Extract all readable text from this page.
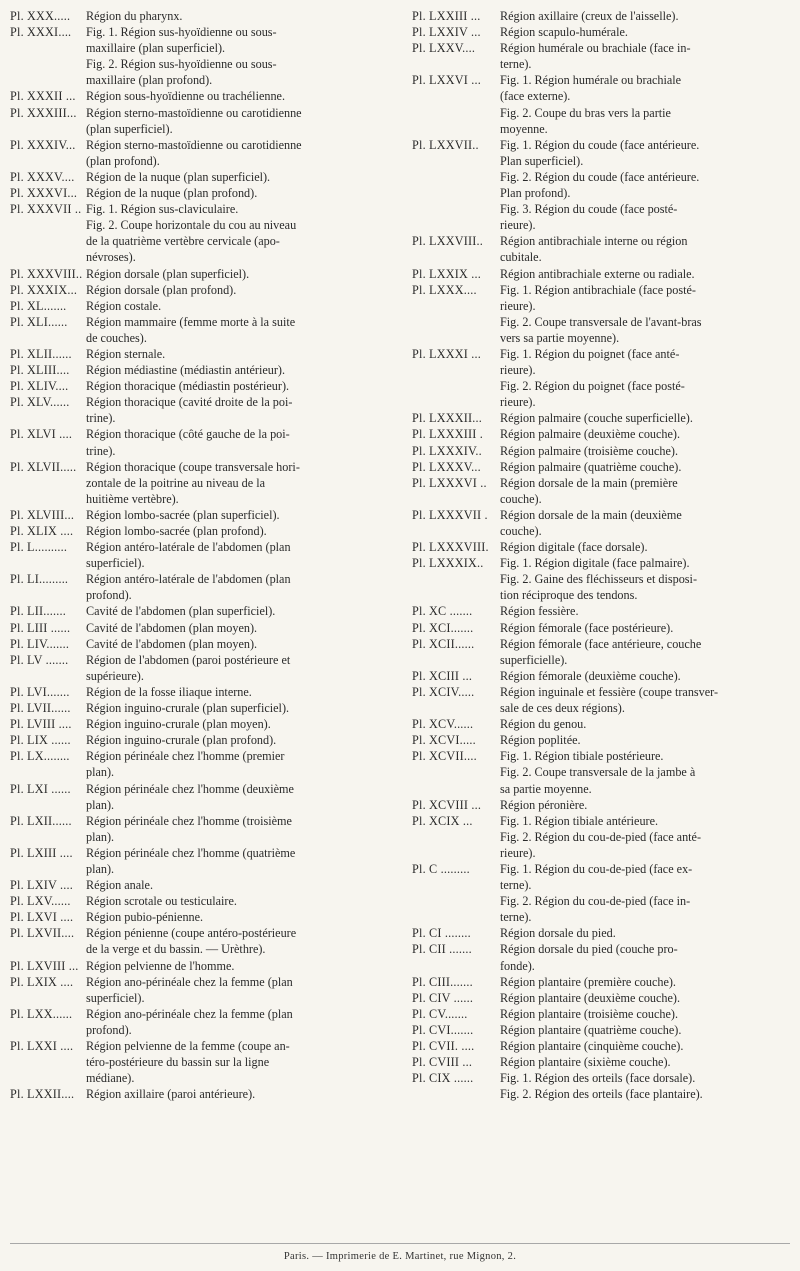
Pl. XXX.....	Région du pharynx.
Pl. XXXI....	Fig. 1. Région sus-hyoïdienne ou sous-
maxillaire (plan superficiel).
Fig. 2. Région sus-hyoïdienne ou sous-
maxillaire (plan profond).
Pl. XXXII ... Région sous-hyoïdienne ou trachélienne.
Pl. XXXIII... Région sterno-mastoïdienne ou carotidienne
(plan superficiel).
Pl. XXXIV... Région sterno-mastoïdienne ou carotidienne
(plan profond).
Pl. XXXV.... Région de la nuque (plan superficiel).
Pl. XXXVI... Région de la nuque (plan profond).
Pl. XXXVII .. Fig. 1. Région sus-claviculaire.
Fig. 2. Coupe horizontale du cou au niveau
de la quatrième vertèbre cervicale (apo-
névroses).
Pl. XXXVIII.. Région dorsale (plan superficiel).
Pl. XXXIX... Région dorsale (plan profond).
Pl. XL.......	Région costale.
Pl. XLI......	Région mammaire (femme morte à la suite
de couches).
Pl. XLII......	Région sternale.
Pl. XLIII....	Région médiastine (médiastin antérieur).
Pl. XLIV....	Région thoracique (médiastin postérieur).
Pl. XLV......	Région thoracique (cavité droite de la poi-
trine).
Pl. XLVI ....	Région thoracique (côté gauche de la poi-
trine).
Pl. XLVII..... Région thoracique (coupe transversale hori-
zontale de la poitrine au niveau de la
huitième vertèbre).
Pl. XLVIII... Région lombo-sacrée (plan superficiel).
Pl. XLIX ....	Région lombo-sacrée (plan profond).
Pl. L..........	Région antéro-latérale de l'abdomen (plan
superficiel).
Pl. LI.........	Région antéro-latérale de l'abdomen (plan
profond).
Pl. LII.......	Cavité de l'abdomen (plan superficiel).
Pl. LIII ......	Cavité de l'abdomen (plan moyen).
Pl. LIV.......	Cavité de l'abdomen (plan moyen).
Pl. LV .......	Région de l'abdomen (paroi postérieure et
supérieure).
Pl. LVI.......	Région de la fosse iliaque interne.
Pl. LVII......	Région inguino-crurale (plan superficiel).
Pl. LVIII ....	Région inguino-crurale (plan moyen).
Pl. LIX ......	Région inguino-crurale (plan profond).
Pl. LX........	Région périnéale chez l'homme (premier
plan).
Pl. LXI ......	Région périnéale chez l'homme (deuxième
plan).
Pl. LXII......	Région périnéale chez l'homme (troisième
plan).
Pl. LXIII ....	Région périnéale chez l'homme (quatrième
plan).
Pl. LXIV ....	Région anale.
Pl. LXV......	Région scrotale ou testiculaire.
Pl. LXVI ....	Région pubio-pénienne.
Pl. LXVII.... Région pénienne (coupe antéro-postérieure
de la verge et du bassin. — Urèthre).
Pl. LXVIII ... Région pelvienne de l'homme.
Pl. LXIX ....	Région ano-périnéale chez la femme (plan
superficiel).
Pl. LXX......	Région ano-périnéale chez la femme (plan
profond).
Pl. LXXI ....	Région pelvienne de la femme (coupe an-
téro-postérieure du bassin sur la ligne
médiane).
Pl. LXXII.... Région axillaire (paroi antérieure).
Pl. LXXIII ...	Région axillaire (creux de l'aisselle).
Pl. LXXIV ...	Région scapulo-humérale.
Pl. LXXV....	Région humérale ou brachiale (face in-
terne).
Pl. LXXVI ...	Fig. 1. Région humérale ou brachiale
(face externe).
Fig. 2. Coupe du bras vers la partie
moyenne.
Pl. LXXVII..	Fig. 1. Région du coude (face antérieure.
Plan superficiel).
Fig. 2. Région du coude (face antérieure.
Plan profond).
Fig. 3. Région du coude (face posté-
rieure).
Pl. LXXVIII..	Région antibrachiale interne ou région
cubitale.
Pl. LXXIX ...	Région antibrachiale externe ou radiale.
Pl. LXXX....	Fig. 1. Région antibrachiale (face posté-
rieure).
Fig. 2. Coupe transversale de l'avant-bras
vers sa partie moyenne).
Pl. LXXXI ...	Fig. 1. Région du poignet (face anté-
rieure).
Fig. 2. Région du poignet (face posté-
rieure).
Pl. LXXXII...	Région palmaire (couche superficielle).
Pl. LXXXIII .	Région palmaire (deuxième couche).
Pl. LXXXIV..	Région palmaire (troisième couche).
Pl. LXXXV...	Région palmaire (quatrième couche).
Pl. LXXXVI ..	Région dorsale de la main (première
couche).
Pl. LXXXVII .	Région dorsale de la main (deuxième
couche).
Pl. LXXXVIII. Région digitale (face dorsale).
Pl. LXXXIX..	Fig. 1. Région digitale (face palmaire).
Fig. 2. Gaine des fléchisseurs et disposi-
tion réciproque des tendons.
Pl. XC .......	Région fessière.
Pl. XCI.......	Région fémorale (face postérieure).
Pl. XCII......	Région fémorale (face antérieure, couche
superficielle).
Pl. XCIII ...	Région fémorale (deuxième couche).
Pl. XCIV.....	Région inguinale et fessière (coupe transver-
sale de ces deux régions).
Pl. XCV......	Région du genou.
Pl. XCVI.....	Région poplitée.
Pl. XCVII....	Fig. 1. Région tibiale postérieure.
Fig. 2. Coupe transversale de la jambe à
sa partie moyenne.
Pl. XCVIII ...	Région péronière.
Pl. XCIX ...	Fig. 1. Région tibiale antérieure.
Fig. 2. Région du cou-de-pied (face anté-
rieure).
Pl. C .........	Fig. 1. Région du cou-de-pied (face ex-
terne).
Fig. 2. Région du cou-de-pied (face in-
terne).
Pl. CI ........	Région dorsale du pied.
Pl. CII .......	Région dorsale du pied (couche pro-
fonde).
Pl. CIII.......	Région plantaire (première couche).
Pl. CIV ......	Région plantaire (deuxième couche).
Pl. CV.......	Région plantaire (troisième couche).
Pl. CVI.......	Région plantaire (quatrième couche).
Pl. CVII. ....	Région plantaire (cinquième couche).
Pl. CVIII ...	Région plantaire (sixième couche).
Pl. CIX ......	Fig. 1. Région des orteils (face dorsale).
Fig. 2. Région des orteils (face plantaire).
Paris. — Imprimerie de E. Martinet, rue Mignon, 2.
